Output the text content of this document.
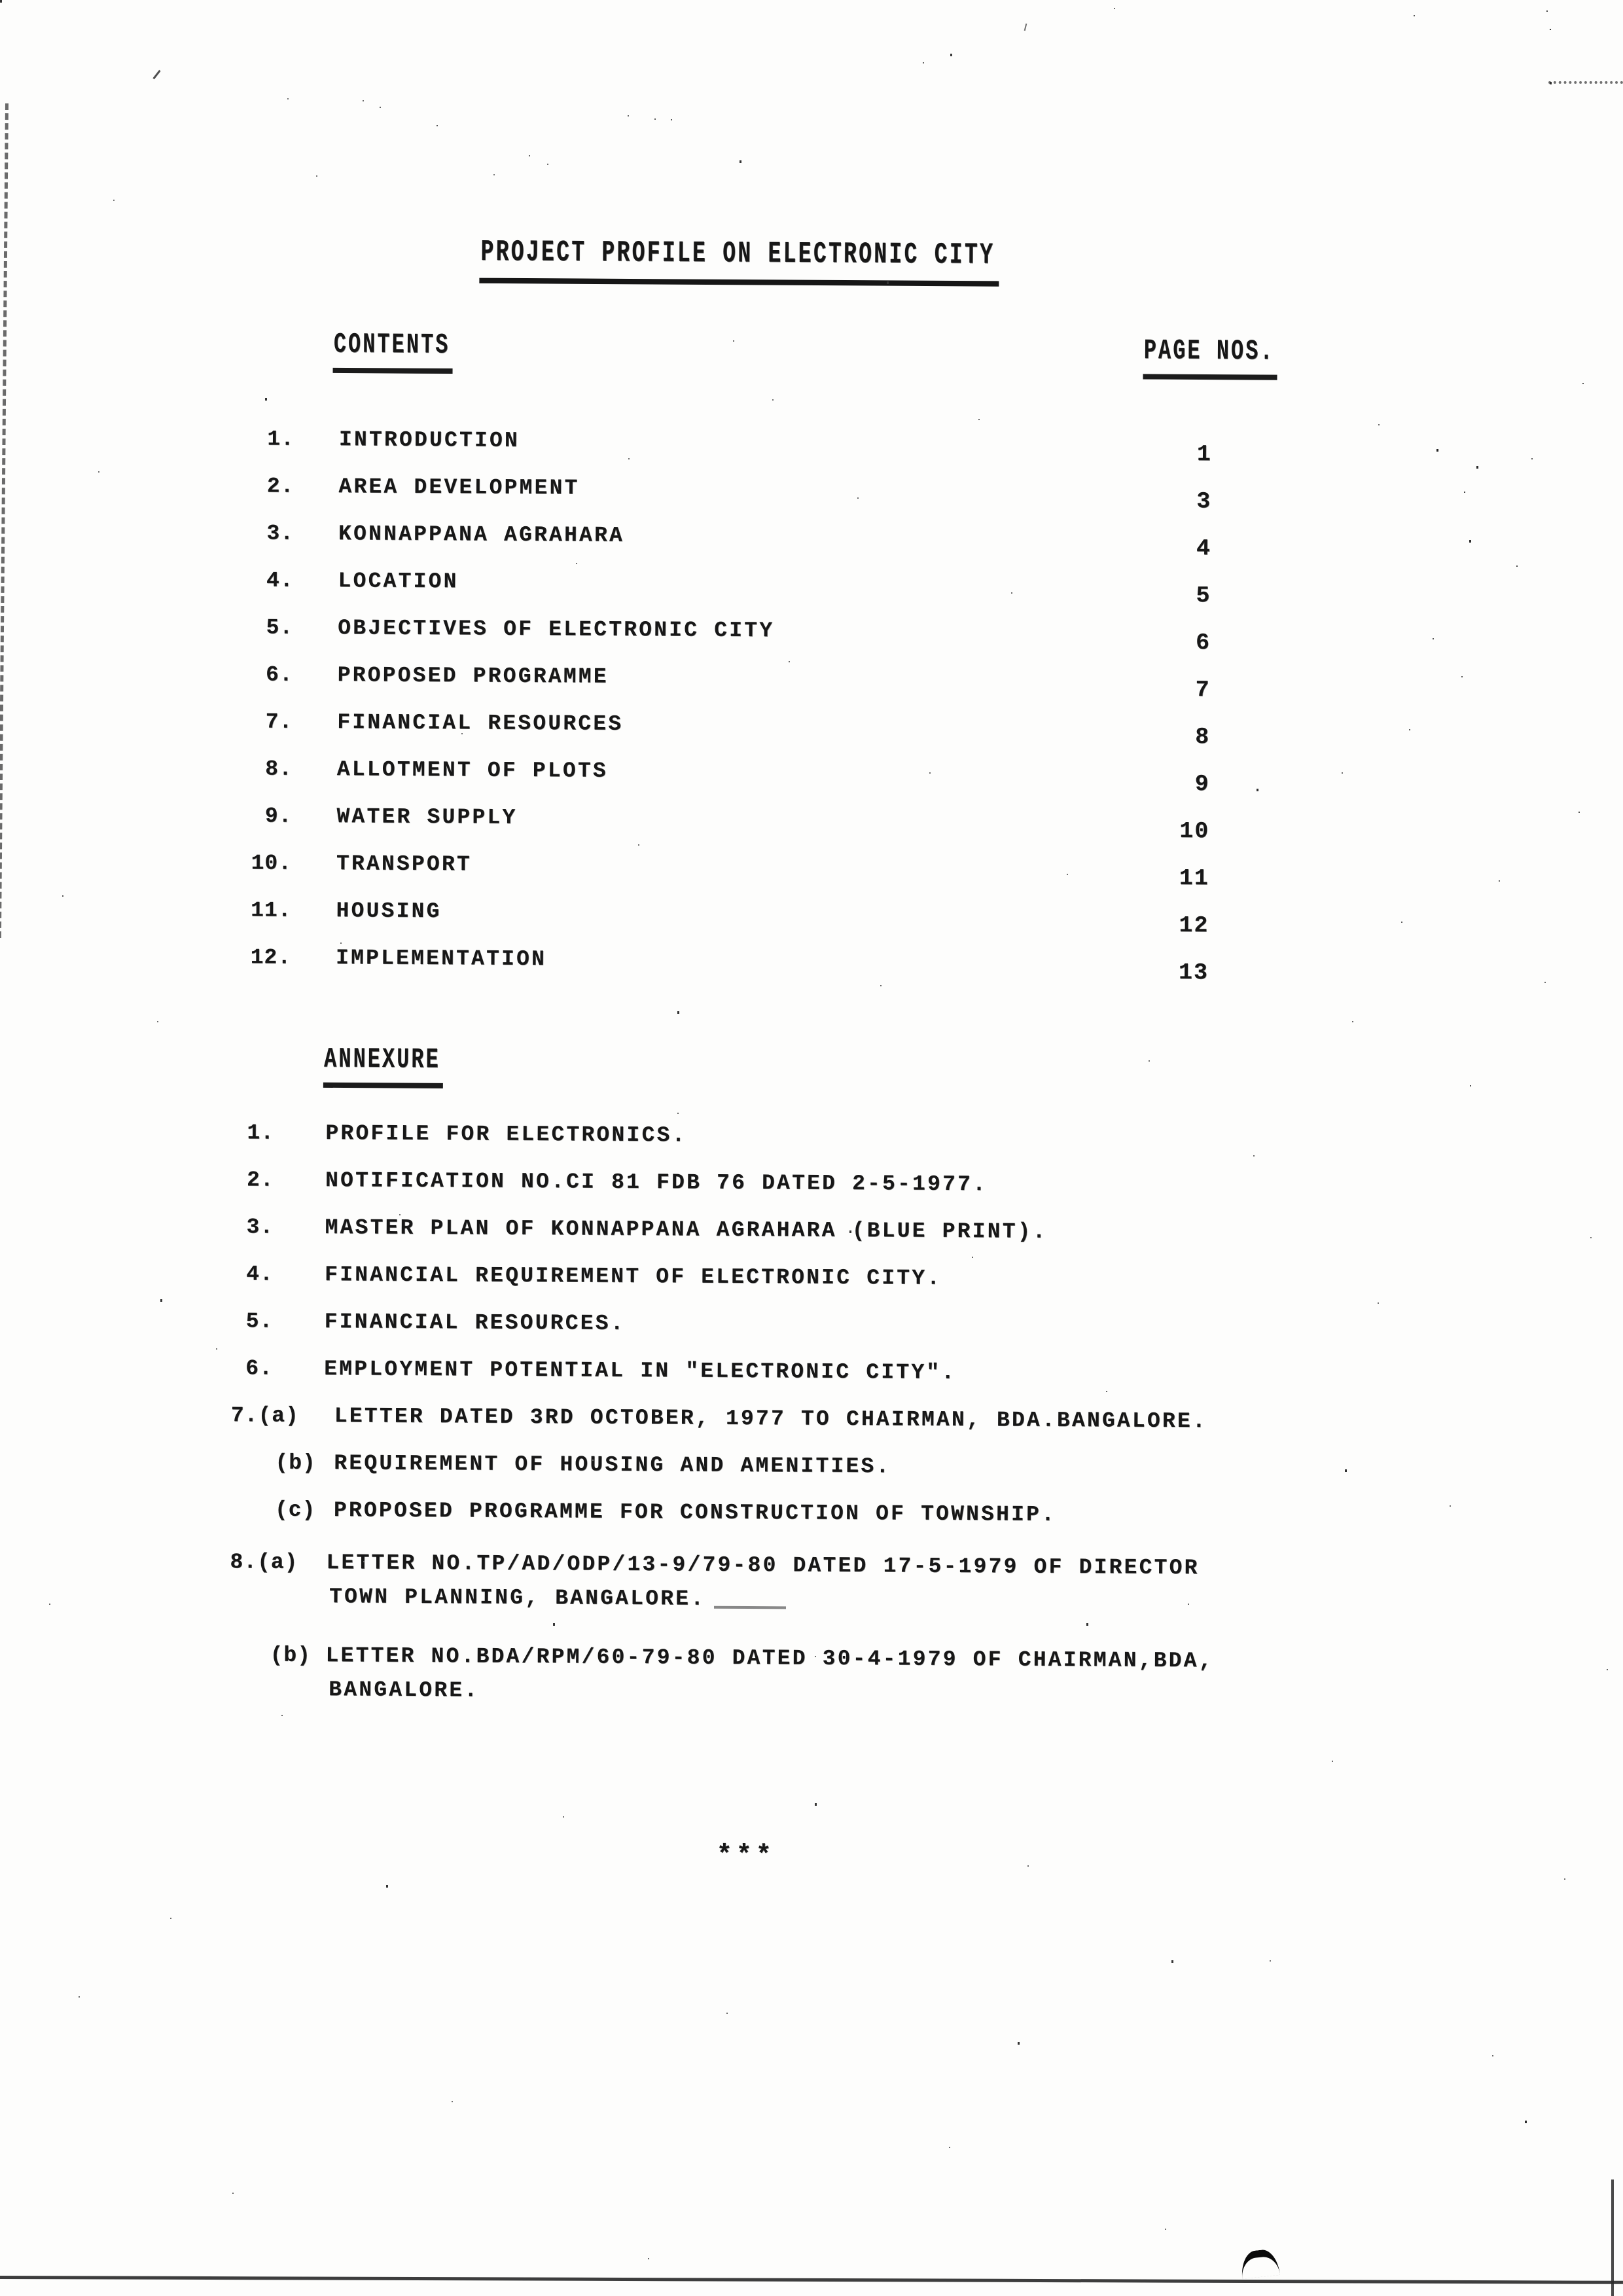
PROJECT PROFILE ON ELECTRONIC CITY
CONTENTS	PAGE NOS.
1. INTRODUCTION
1
2. AREA DEVELOPMENT
3
3. KONNAPPANA AGRAHARA
4
4. LOCATION
5
5. OBJECTIVES OF ELECTRONIC CITY
6
6. PROPOSED PROGRAMME
7
7. FINANCIAL RESOURCES
8
8. ALLOTMENT OF PLOTS
9
9. WATER SUPPLY
10
10. TRANSPORT
11
11. HOUSING
12
12. IMPLEMENTATION
13
ANNEXURE
1. PROFILE FOR ELECTRONICS.
2. NOTIFICATION NO.CI 81 FDB 76 DATED 2-5-1977.
3. MASTER PLAN OF KONNAPPANA AGRAHARA (BLUE PRINT).
4. FINANCIAL REQUIREMENT OF ELECTRONIC CITY.
5. FINANCIAL RESOURCES.
6. EMPLOYMENT POTENTIAL IN "ELECTRONIC CITY".
7.(a) LETTER DATED 3RD OCTOBER, 1977 TO CHAIRMAN, BDA.BANGALORE.
(b) REQUIREMENT OF HOUSING AND AMENITIES.
(c) PROPOSED PROGRAMME FOR CONSTRUCTION OF TOWNSHIP.
8.(a) LETTER NO.TP/AD/ODP/13-9/79-80 DATED 17-5-1979 OF DIRECTOR
TOWN PLANNING, BANGALORE.
(b) LETTER NO.BDA/RPM/60-79-80 DATED 30-4-1979 OF CHAIRMAN,BDA,
BANGALORE.
***
